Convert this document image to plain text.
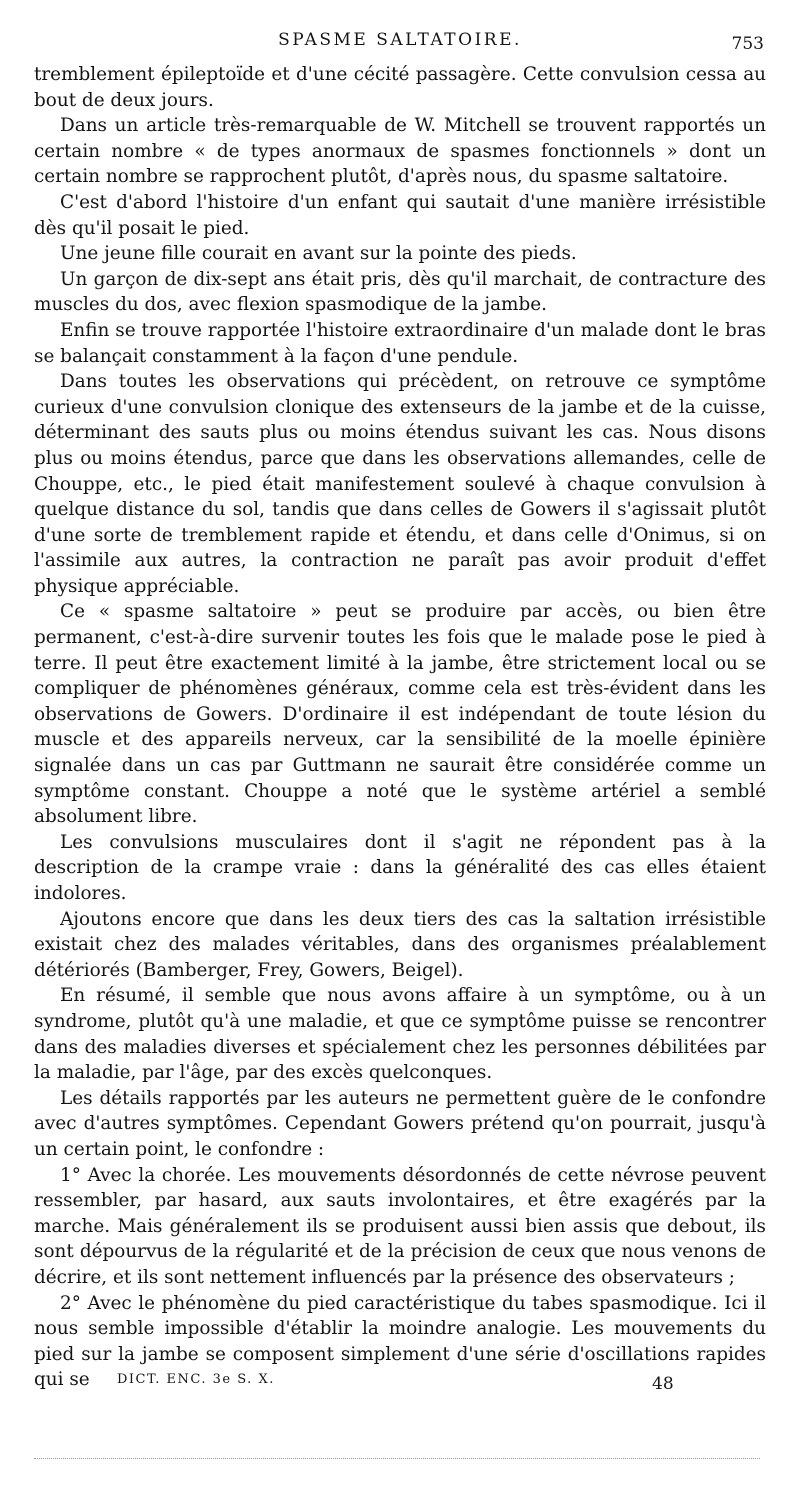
SPASME SALTATOIRE.	753

tremblement épileptoïde et d'une cécité passagère. Cette convulsion cessa au bout de deux jours.

Dans un article très-remarquable de W. Mitchell se trouvent rapportés un certain nombre « de types anormaux de spasmes fonctionnels » dont un certain nombre se rapprochent plutôt, d'après nous, du spasme saltatoire.

C'est d'abord l'histoire d'un enfant qui sautait d'une manière irrésistible dès qu'il posait le pied.

Une jeune fille courait en avant sur la pointe des pieds.

Un garçon de dix-sept ans était pris, dès qu'il marchait, de contracture des muscles du dos, avec flexion spasmodique de la jambe.

Enfin se trouve rapportée l'histoire extraordinaire d'un malade dont le bras se balançait constamment à la façon d'une pendule.

Dans toutes les observations qui précèdent, on retrouve ce symptôme curieux d'une convulsion clonique des extenseurs de la jambe et de la cuisse, déterminant des sauts plus ou moins étendus suivant les cas. Nous disons plus ou moins étendus, parce que dans les observations allemandes, celle de Chouppe, etc., le pied était manifestement soulevé à chaque convulsion à quelque distance du sol, tandis que dans celles de Gowers il s'agissait plutôt d'une sorte de tremblement rapide et étendu, et dans celle d'Onimus, si on l'assimile aux autres, la contraction ne paraît pas avoir produit d'effet physique appréciable.

Ce « spasme saltatoire » peut se produire par accès, ou bien être permanent, c'est-à-dire survenir toutes les fois que le malade pose le pied à terre. Il peut être exactement limité à la jambe, être strictement local ou se compliquer de phénomènes généraux, comme cela est très-évident dans les observations de Gowers. D'ordinaire il est indépendant de toute lésion du muscle et des appareils nerveux, car la sensibilité de la moelle épinière signalée dans un cas par Guttmann ne saurait être considérée comme un symptôme constant. Chouppe a noté que le système artériel a semblé absolument libre.

Les convulsions musculaires dont il s'agit ne répondent pas à la description de la crampe vraie : dans la généralité des cas elles étaient indolores.

Ajoutons encore que dans les deux tiers des cas la saltation irrésistible existait chez des malades véritables, dans des organismes préalablement détériorés (Bamberger, Frey, Gowers, Beigel).

En résumé, il semble que nous avons affaire à un symptôme, ou à un syndrome, plutôt qu'à une maladie, et que ce symptôme puisse se rencontrer dans des maladies diverses et spécialement chez les personnes débilitées par la maladie, par l'âge, par des excès quelconques.

Les détails rapportés par les auteurs ne permettent guère de le confondre avec d'autres symptômes. Cependant Gowers prétend qu'on pourrait, jusqu'à un certain point, le confondre :

1° Avec la chorée. Les mouvements désordonnés de cette névrose peuvent ressembler, par hasard, aux sauts involontaires, et être exagérés par la marche. Mais généralement ils se produisent aussi bien assis que debout, ils sont dépourvus de la régularité et de la précision de ceux que nous venons de décrire, et ils sont nettement influencés par la présence des observateurs ;

2° Avec le phénomène du pied caractéristique du tabes spasmodique. Ici il nous semble impossible d'établir la moindre analogie. Les mouvements du pied sur la jambe se composent simplement d'une série d'oscillations rapides qui se	DICT. ENC. 3e S. X.	48
